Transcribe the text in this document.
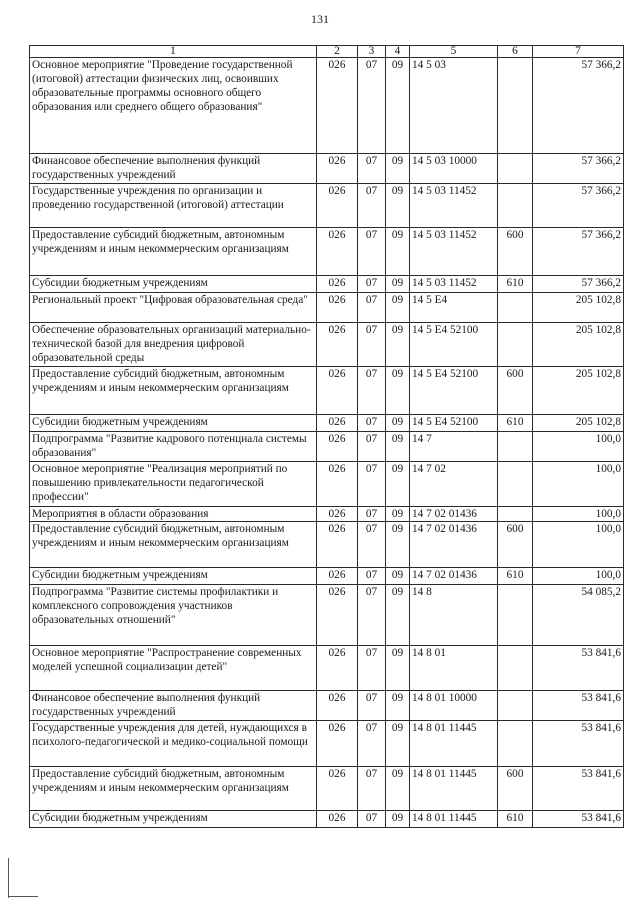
131
1	2	3	4	5	6	7
Основное мероприятие "Проведение государственной (итоговой) аттестации физических лиц, освоивших образовательные программы основного общего образования или среднего общего образования"	026	07	09	14 5 03		57 366,2
Финансовое обеспечение выполнения функций государственных учреждений	026	07	09	14 5 03 10000		57 366,2
Государственные учреждения по организации и проведению государственной (итоговой) аттестации	026	07	09	14 5 03 11452		57 366,2
Предоставление субсидий бюджетным, автономным учреждениям и иным некоммерческим организациям	026	07	09	14 5 03 11452	600	57 366,2
Субсидии бюджетным учреждениям	026	07	09	14 5 03 11452	610	57 366,2
Региональный проект "Цифровая образовательная среда"	026	07	09	14 5 E4		205 102,8
Обеспечение образовательных организаций материально-технической базой для внедрения цифровой образовательной среды	026	07	09	14 5 E4 52100		205 102,8
Предоставление субсидий бюджетным, автономным учреждениям и иным некоммерческим организациям	026	07	09	14 5 E4 52100	600	205 102,8
Субсидии бюджетным учреждениям	026	07	09	14 5 E4 52100	610	205 102,8
Подпрограмма "Развитие кадрового потенциала системы образования"	026	07	09	14 7		100,0
Основное мероприятие "Реализация мероприятий по повышению привлекательности педагогической профессии"	026	07	09	14 7 02		100,0
Мероприятия в области образования	026	07	09	14 7 02 01436		100,0
Предоставление субсидий бюджетным, автономным учреждениям и иным некоммерческим организациям	026	07	09	14 7 02 01436	600	100,0
Субсидии бюджетным учреждениям	026	07	09	14 7 02 01436	610	100,0
Подпрограмма "Развитие системы профилактики и комплексного сопровождения участников образовательных отношений"	026	07	09	14 8		54 085,2
Основное мероприятие "Распространение современных моделей успешной социализации детей"	026	07	09	14 8 01		53 841,6
Финансовое обеспечение выполнения функций государственных учреждений	026	07	09	14 8 01 10000		53 841,6
Государственные учреждения для детей, нуждающихся в психолого-педагогической и медико-социальной помощи	026	07	09	14 8 01 11445		53 841,6
Предоставление субсидий бюджетным, автономным учреждениям и иным некоммерческим организациям	026	07	09	14 8 01 11445	600	53 841,6
Субсидии бюджетным учреждениям	026	07	09	14 8 01 11445	610	53 841,6
